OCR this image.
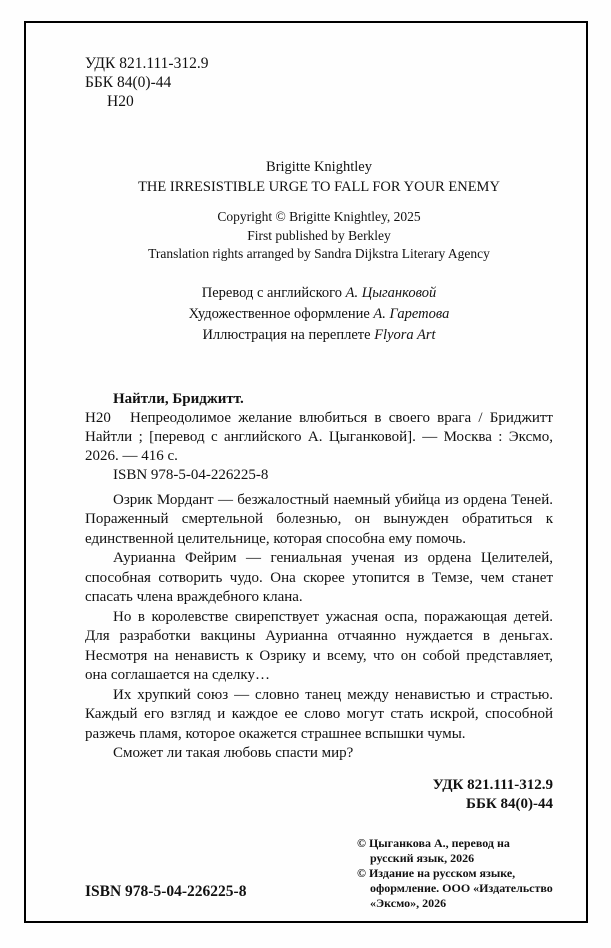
УДК 821.111-312.9
ББК 84(0)-44
Н20
Brigitte Knightley
THE IRRESISTIBLE URGE TO FALL FOR YOUR ENEMY
Copyright © Brigitte Knightley, 2025
First published by Berkley
Translation rights arranged by Sandra Dijkstra Literary Agency
Перевод с английского А. Цыганковой
Художественное оформление А. Гаретова
Иллюстрация на переплете Flyora Art
Найтли, Бриджитт.

Н20 Непреодолимое желание влюбиться в своего врага / Бриджитт Найтли ; [перевод с английского А. Цыганковой]. — Москва : Эксмо, 2026. — 416 с.

ISBN 978-5-04-226225-8

Озрик Мордант — безжалостный наемный убийца из ордена Теней. Пораженный смертельной болезнью, он вынужден обратиться к единственной целительнице, которая способна ему помочь.

Аурианна Фейрим — гениальная ученая из ордена Целителей, способная сотворить чудо. Она скорее утопится в Темзе, чем станет спасать члена враждебного клана.

Но в королевстве свирепствует ужасная оспа, поражающая детей. Для разработки вакцины Аурианна отчаянно нуждается в деньгах. Несмотря на ненависть к Озрику и всему, что он собой представляет, она соглашается на сделку…

Их хрупкий союз — словно танец между ненавистью и страстью. Каждый его взгляд и каждое ее слово могут стать искрой, способной разжечь пламя, которое окажется страшнее вспышки чумы.

Сможет ли такая любовь спасти мир?

УДК 821.111-312.9
ББК 84(0)-44
ISBN 978-5-04-226225-8
© Цыганкова А., перевод на русский язык, 2026
© Издание на русском языке, оформление. ООО «Издательство «Эксмо», 2026
